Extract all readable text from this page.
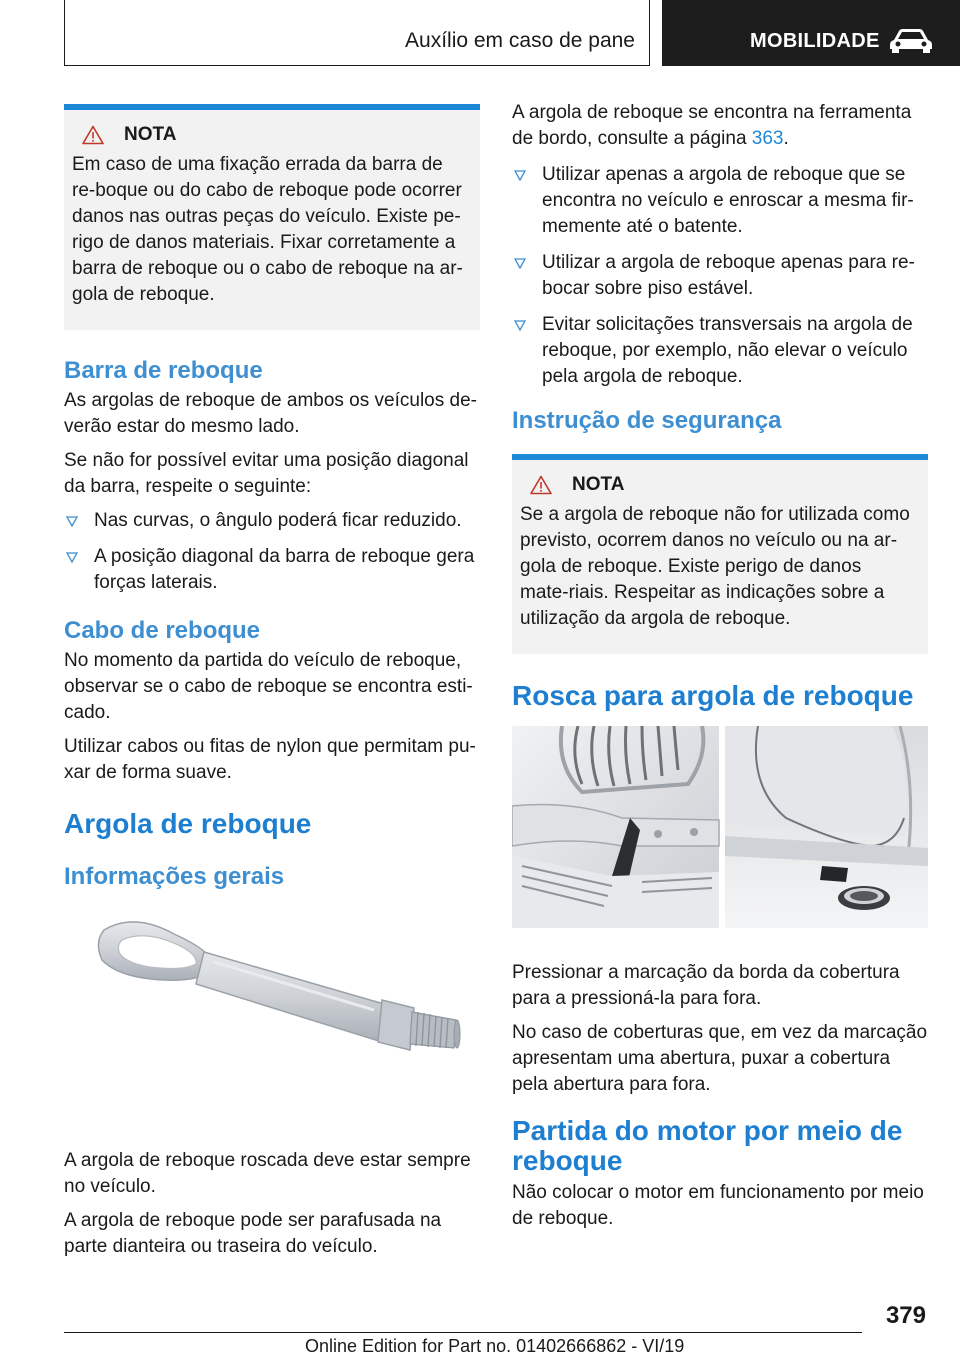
Auxílio em caso de pane	MOBILIDADE
NOTA

Em caso de uma fixação errada da barra de re-boque ou do cabo de reboque pode ocorrer danos nas outras peças do veículo. Existe pe-rigo de danos materiais. Fixar corretamente a barra de reboque ou o cabo de reboque na ar-gola de reboque.

Barra de reboque

As argolas de reboque de ambos os veículos de-verão estar do mesmo lado.

Se não for possível evitar uma posição diagonal da barra, respeite o seguinte:

Nas curvas, o ângulo poderá ficar reduzido.
A posição diagonal da barra de reboque gera forças laterais.
Cabo de reboque

No momento da partida do veículo de reboque, observar se o cabo de reboque se encontra esti-cado.

Utilizar cabos ou fitas de nylon que permitam pu-xar de forma suave.

Argola de reboque
Informações gerais

A argola de reboque roscada deve estar sempre no veículo.

A argola de reboque pode ser parafusada na parte dianteira ou traseira do veículo.

A argola de reboque se encontra na ferramenta de bordo, consulte a página 363.

Utilizar apenas a argola de reboque que se encontra no veículo e enroscar a mesma fir-memente até o batente.
Utilizar a argola de reboque apenas para re-bocar sobre piso estável.
Evitar solicitações transversais na argola de reboque, por exemplo, não elevar o veículo pela argola de reboque.
Instrução de segurança
NOTA

Se a argola de reboque não for utilizada como previsto, ocorrem danos no veículo ou na ar-gola de reboque. Existe perigo de danos mate-riais. Respeitar as indicações sobre a utilização da argola de reboque.

Rosca para argola de reboque

Pressionar a marcação da borda da cobertura para a pressioná-la para fora.

No caso de coberturas que, em vez da marcação apresentam uma abertura, puxar a cobertura pela abertura para fora.

Partida do motor por meio de reboque

Não colocar o motor em funcionamento por meio de reboque.

379
Online Edition for Part no. 01402666862 - VI/19
